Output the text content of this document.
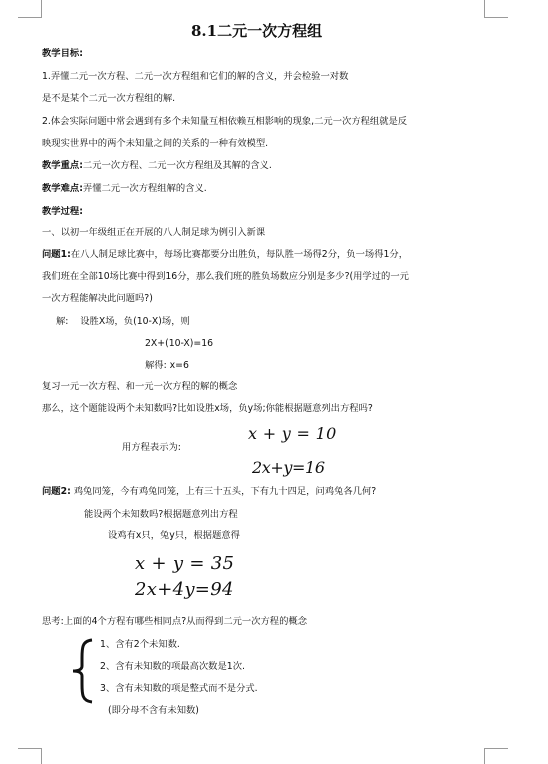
8.1二元一次方程组
教学目标:
1.弄懂二元一次方程、二元一次方程组和它们的解的含义，并会检验一对数
是不是某个二元一次方程组的解.
2.体会实际问题中常会遇到有多个未知量互相依赖互相影响的现象,二元一次方程组就是反
映现实世界中的两个未知量之间的关系的一种有效模型.
教学重点:二元一次方程、二元一次方程组及其解的含义.
教学难点:弄懂二元一次方程组解的含义.
教学过程:
一、以初一年级组正在开展的八人制足球为例引入新课
问题1:在八人制足球比赛中，每场比赛都要分出胜负，每队胜一场得2分，负一场得1分，
我们班在全部10场比赛中得到16分，那么我们班的胜负场数应分别是多少?(用学过的一元
一次方程能解决此问题吗?)
解:    设胜X场，负(10-X)场，则
2X+(10-X)=16
解得: x=6
复习一元一次方程、和一元一次方程的解的概念
那么，这个题能设两个未知数吗?比如设胜x场，负y场;你能根据题意列出方程吗?
用方程表示为:
x + y = 10
2x+y=16
问题2: 鸡兔同笼，今有鸡兔同笼，上有三十五头，下有九十四足，问鸡兔各几何?
能设两个未知数吗?根据题意列出方程
设鸡有x只，兔y只，根据题意得
x + y = 35
2x+4y=94
思考:上面的4个方程有哪些相同点?从而得到二元一次方程的概念
1、含有2个未知数.
2、含有未知数的项最高次数是1次.
3、含有未知数的项是整式而不是分式.
(即分母不含有未知数)
